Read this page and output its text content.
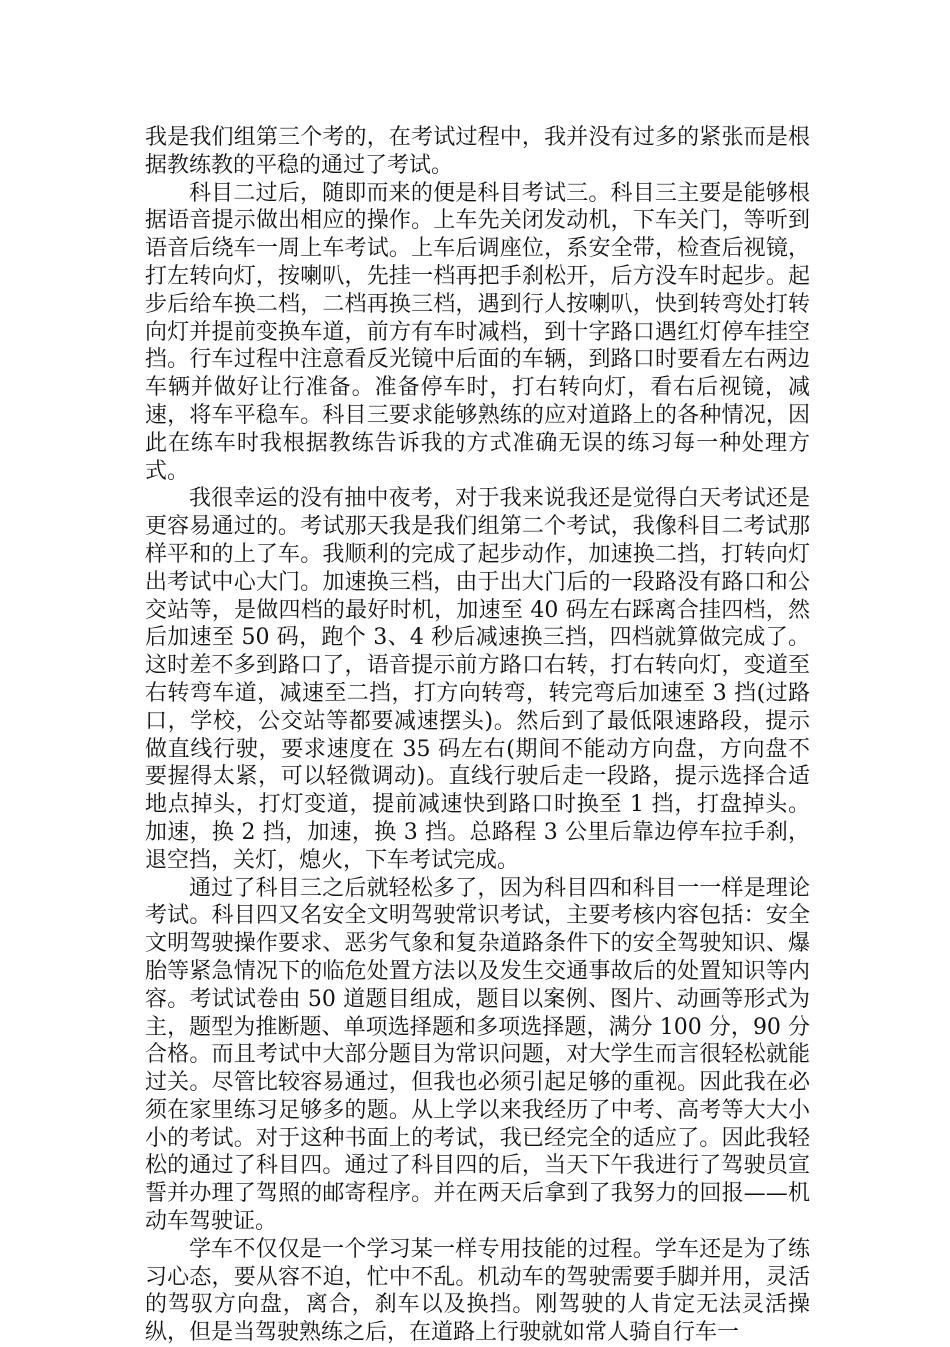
我是我们组第三个考的，在考试过程中，我并没有过多的紧张而是根据教练教的平稳的通过了考试。

科目二过后，随即而来的便是科目考试三。科目三主要是能够根据语音提示做出相应的操作。上车先关闭发动机，下车关门，等听到语音后绕车一周上车考试。上车后调座位，系安全带，检查后视镜，打左转向灯，按喇叭，先挂一档再把手刹松开，后方没车时起步。起步后给车换二档，二档再换三档，遇到行人按喇叭，快到转弯处打转向灯并提前变换车道，前方有车时减档，到十字路口遇红灯停车挂空挡。行车过程中注意看反光镜中后面的车辆，到路口时要看左右两边车辆并做好让行准备。准备停车时，打右转向灯，看右后视镜，减速，将车平稳车。科目三要求能够熟练的应对道路上的各种情况，因此在练车时我根据教练告诉我的方式准确无误的练习每一种处理方式。

我很幸运的没有抽中夜考，对于我来说我还是觉得白天考试还是更容易通过的。考试那天我是我们组第二个考试，我像科目二考试那样平和的上了车。我顺利的完成了起步动作，加速换二挡，打转向灯出考试中心大门。加速换三档，由于出大门后的一段路没有路口和公交站等，是做四档的最好时机，加速至 40 码左右踩离合挂四档，然后加速至 50 码，跑个 3、4 秒后减速换三挡，四档就算做完成了。这时差不多到路口了，语音提示前方路口右转，打右转向灯，变道至右转弯车道，减速至二挡，打方向转弯，转完弯后加速至 3 挡(过路口，学校，公交站等都要减速摆头)。然后到了最低限速路段，提示做直线行驶，要求速度在 35 码左右(期间不能动方向盘，方向盘不要握得太紧，可以轻微调动)。直线行驶后走一段路，提示选择合适地点掉头，打灯变道，提前减速快到路口时换至 1 挡，打盘掉头。加速，换 2 挡，加速，换 3 挡。总路程 3 公里后靠边停车拉手刹，退空挡，关灯，熄火，下车考试完成。

通过了科目三之后就轻松多了，因为科目四和科目一一样是理论考试。科目四又名安全文明驾驶常识考试，主要考核内容包括：安全文明驾驶操作要求、恶劣气象和复杂道路条件下的安全驾驶知识、爆胎等紧急情况下的临危处置方法以及发生交通事故后的处置知识等内容。考试试卷由 50 道题目组成，题目以案例、图片、动画等形式为主，题型为推断题、单项选择题和多项选择题，满分 100 分，90 分合格。而且考试中大部分题目为常识问题，对大学生而言很轻松就能过关。尽管比较容易通过，但我也必须引起足够的重视。因此我在必须在家里练习足够多的题。从上学以来我经历了中考、高考等大大小小的考试。对于这种书面上的考试，我已经完全的适应了。因此我轻松的通过了科目四。通过了科目四的后，当天下午我进行了驾驶员宣誓并办理了驾照的邮寄程序。并在两天后拿到了我努力的回报——机动车驾驶证。

学车不仅仅是一个学习某一样专用技能的过程。学车还是为了练习心态，要从容不迫，忙中不乱。机动车的驾驶需要手脚并用，灵活的驾驭方向盘，离合，刹车以及换挡。刚驾驶的人肯定无法灵活操纵，但是当驾驶熟练之后，在道路上行驶就如常人骑自行车一
